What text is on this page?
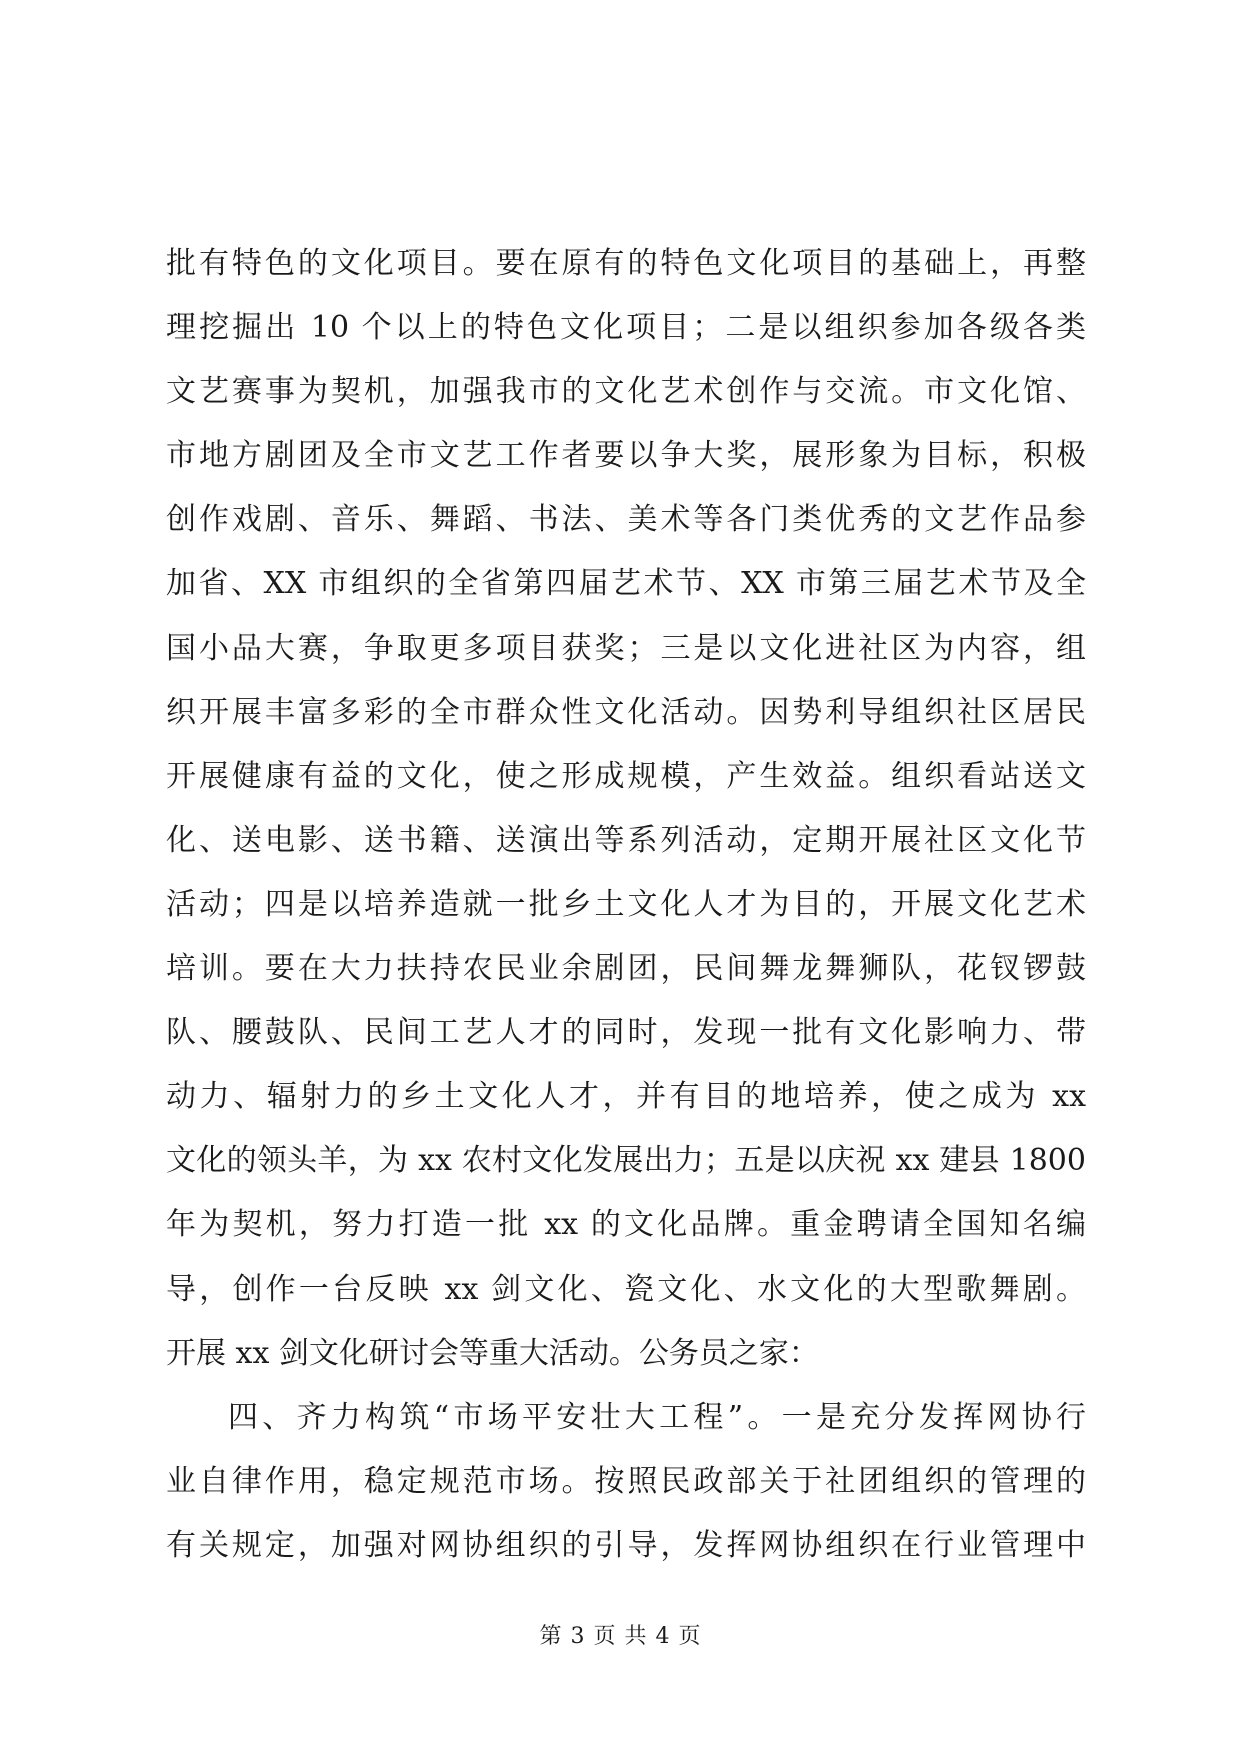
批有特色的文化项目。要在原有的特色文化项目的基础上，再整
理挖掘出 10 个以上的特色文化项目；二是以组织参加各级各类
文艺赛事为契机，加强我市的文化艺术创作与交流。市文化馆、
市地方剧团及全市文艺工作者要以争大奖，展形象为目标，积极
创作戏剧、音乐、舞蹈、书法、美术等各门类优秀的文艺作品参
加省、XX 市组织的全省第四届艺术节、XX 市第三届艺术节及全
国小品大赛，争取更多项目获奖；三是以文化进社区为内容，组
织开展丰富多彩的全市群众性文化活动。因势利导组织社区居民
开展健康有益的文化，使之形成规模，产生效益。组织看站送文
化、送电影、送书籍、送演出等系列活动，定期开展社区文化节
活动；四是以培养造就一批乡土文化人才为目的，开展文化艺术
培训。要在大力扶持农民业余剧团，民间舞龙舞狮队，花钗锣鼓
队、腰鼓队、民间工艺人才的同时，发现一批有文化影响力、带
动力、辐射力的乡土文化人才，并有目的地培养，使之成为 xx
文化的领头羊，为 xx 农村文化发展出力；五是以庆祝 xx 建县 1800
年为契机，努力打造一批 xx 的文化品牌。重金聘请全国知名编
导，创作一台反映 xx 剑文化、瓷文化、水文化的大型歌舞剧。
开展 xx 剑文化研讨会等重大活动。公务员之家：
四、齐力构筑“市场平安壮大工程”。一是充分发挥网协行
业自律作用，稳定规范市场。按照民政部关于社团组织的管理的
有关规定，加强对网协组织的引导，发挥网协组织在行业管理中
第 3 页 共 4 页
